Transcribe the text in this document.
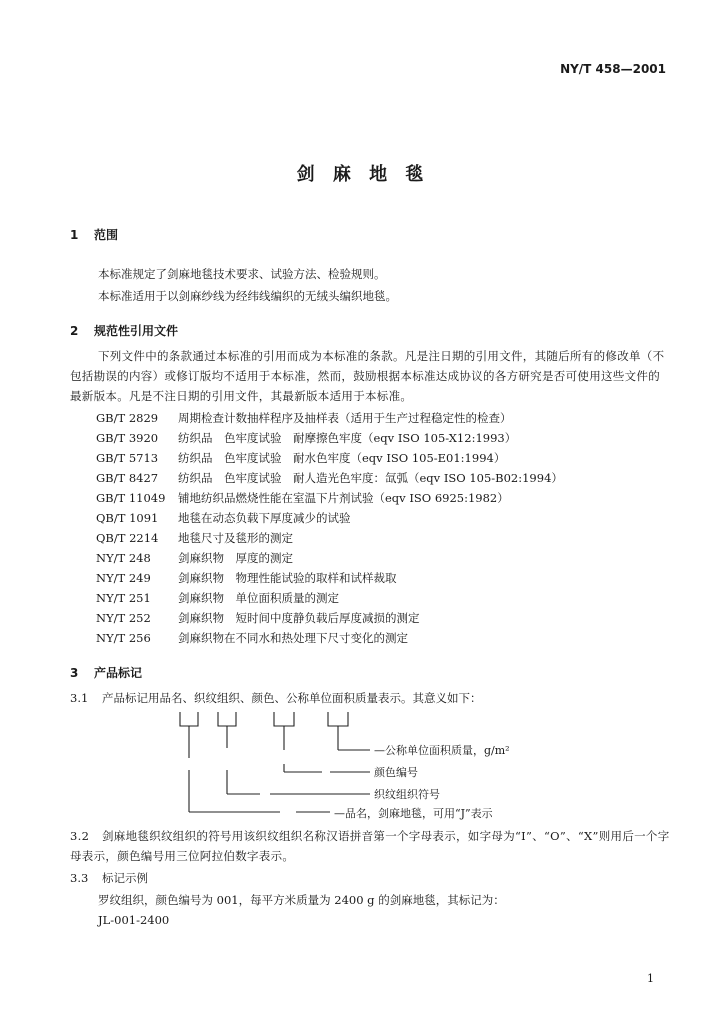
NY/T 458—2001
剑 麻 地 毯
1 范围
本标准规定了剑麻地毯技术要求、试验方法、检验规则。
本标准适用于以剑麻纱线为经纬线编织的无绒头编织地毯。
2 规范性引用文件
下列文件中的条款通过本标准的引用而成为本标准的条款。凡是注日期的引用文件，其随后所有的修改单（不包括勘误的内容）或修订版均不适用于本标准，然而，鼓励根据本标准达成协议的各方研究是否可使用这些文件的最新版本。凡是不注日期的引用文件，其最新版本适用于本标准。
GB/T 2829 周期检查计数抽样程序及抽样表（适用于生产过程稳定性的检查）
GB/T 3920 纺织品　色牢度试验　耐摩擦色牢度（eqv ISO 105-X12:1993）
GB/T 5713 纺织品　色牢度试验　耐水色牢度（eqv ISO 105-E01:1994）
GB/T 8427 纺织品　色牢度试验　耐人造光色牢度：氙弧（eqv ISO 105-B02:1994）
GB/T 11049 铺地纺织品燃烧性能在室温下片剂试验（eqv ISO 6925:1982）
QB/T 1091 地毯在动态负载下厚度减少的试验
QB/T 2214 地毯尺寸及毯形的测定
NY/T 248 剑麻织物　厚度的测定
NY/T 249 剑麻织物　物理性能试验的取样和试样裁取
NY/T 251 剑麻织物　单位面积质量的测定
NY/T 252 剑麻织物　短时间中度静负载后厚度减损的测定
NY/T 256 剑麻织物在不同水和热处理下尺寸变化的测定
3 产品标记
3.1 产品标记用品名、织纹组织、颜色、公称单位面积质量表示。其意义如下：
—公称单位面积质量，g/m²
颜色编号
织纹组织符号
—品名，剑麻地毯，可用“J”表示
3.2 剑麻地毯织纹组织的符号用该织纹组织名称汉语拼音第一个字母表示，如字母为“I”、“O”、“X”则用后一个字母表示，颜色编号用三位阿拉伯数字表示。
3.3 标记示例
罗纹组织，颜色编号为 001，每平方米质量为 2400 g 的剑麻地毯，其标记为：
JL-001-2400
1
